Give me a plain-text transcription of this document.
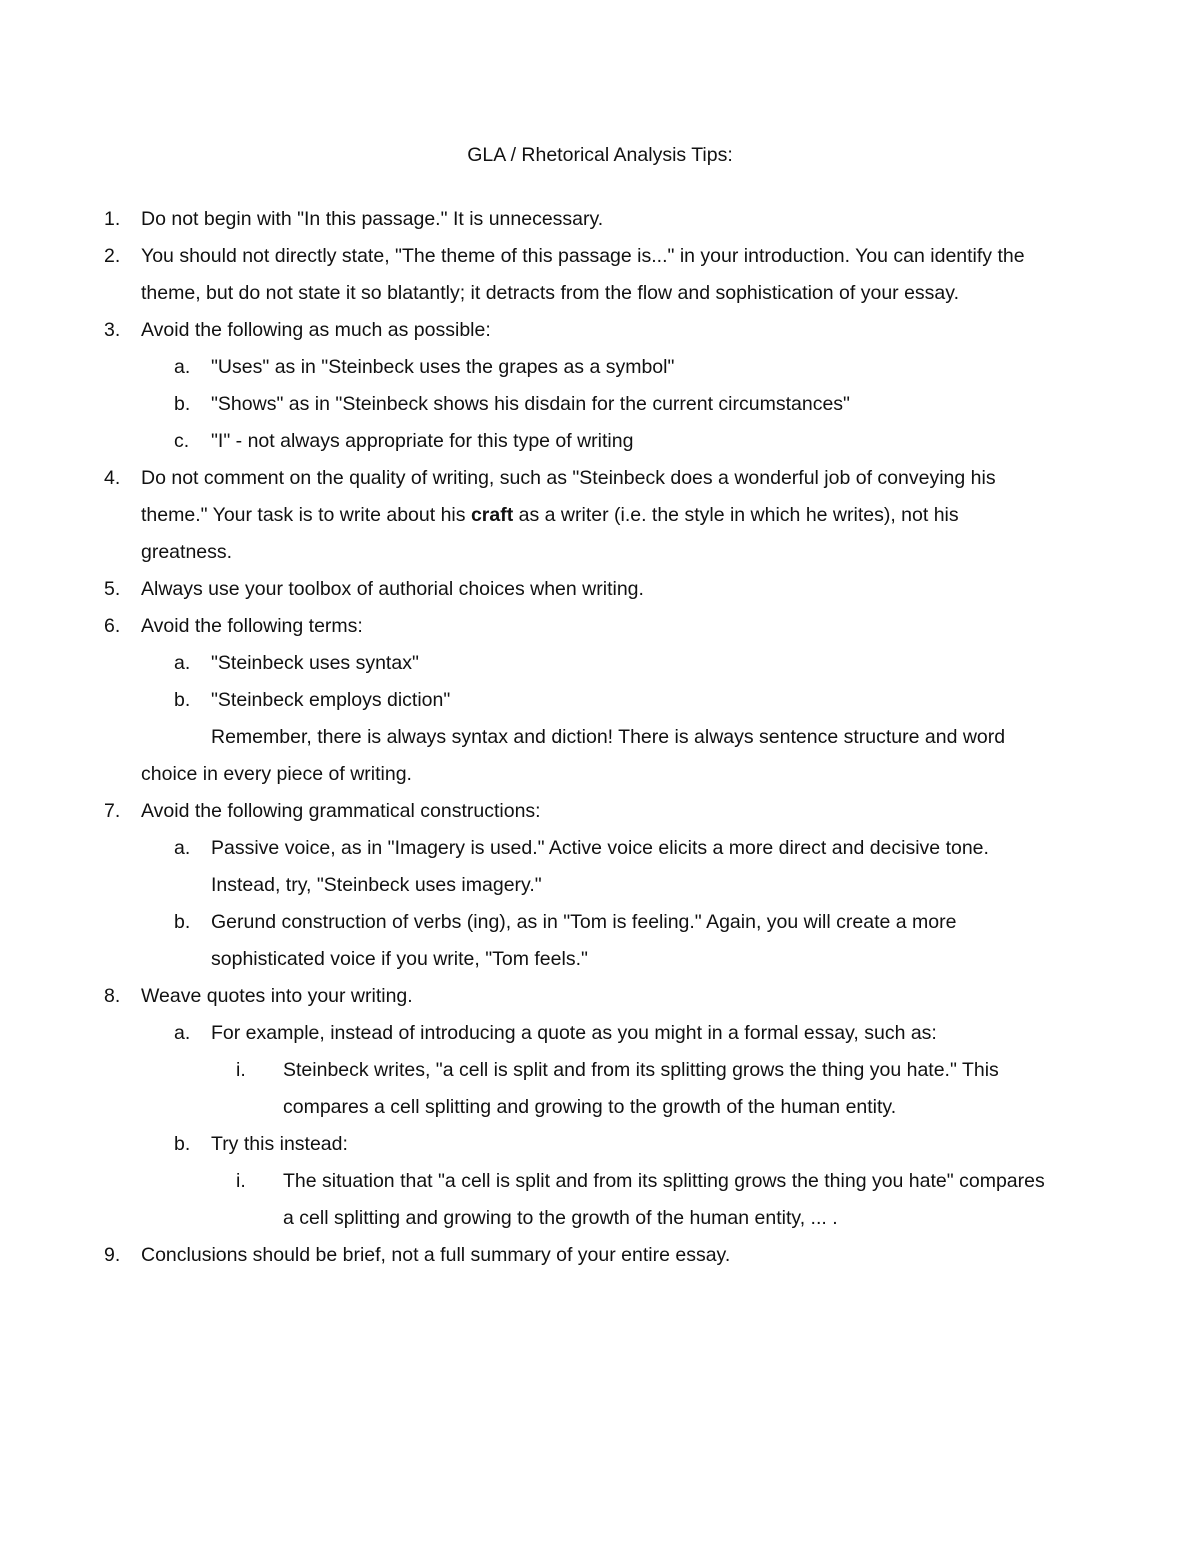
GLA / Rhetorical Analysis Tips:
1. Do not begin with "In this passage." It is unnecessary.
2. You should not directly state, "The theme of this passage is..." in your introduction. You can identify the
theme, but do not state it so blatantly; it detracts from the flow and sophistication of your essay.
3. Avoid the following as much as possible:
a. "Uses" as in "Steinbeck uses the grapes as a symbol"
b. "Shows" as in "Steinbeck shows his disdain for the current circumstances"
c. "I" - not always appropriate for this type of writing
4. Do not comment on the quality of writing, such as "Steinbeck does a wonderful job of conveying his
theme." Your task is to write about his craft as a writer (i.e. the style in which he writes), not his
greatness.
5. Always use your toolbox of authorial choices when writing.
6. Avoid the following terms:
a. "Steinbeck uses syntax"
b. "Steinbeck employs diction"
Remember, there is always syntax and diction! There is always sentence structure and word
choice in every piece of writing.
7. Avoid the following grammatical constructions:
a. Passive voice, as in "Imagery is used." Active voice elicits a more direct and decisive tone.
Instead, try, "Steinbeck uses imagery."
b. Gerund construction of verbs (ing), as in "Tom is feeling." Again, you will create a more
sophisticated voice if you write, "Tom feels."
8. Weave quotes into your writing.
a. For example, instead of introducing a quote as you might in a formal essay, such as:
i. Steinbeck writes, "a cell is split and from its splitting grows the thing you hate." This
compares a cell splitting and growing to the growth of the human entity.
b. Try this instead:
i. The situation that "a cell is split and from its splitting grows the thing you hate" compares
a cell splitting and growing to the growth of the human entity, ... .
9. Conclusions should be brief, not a full summary of your entire essay.
